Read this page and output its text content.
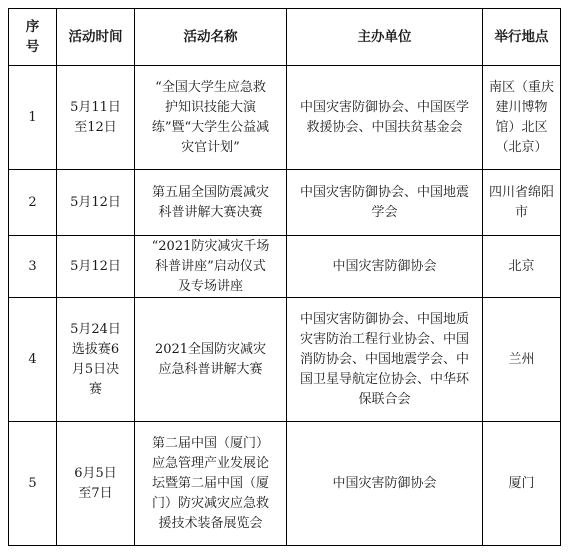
序号	活动时间	活动名称	主办单位	举行地点

1	5月11日至12日	“全国大学生应急救护知识技能大演练”暨“大学生公益减灾官计划”	中国灾害防御协会、中国医学救援协会、中国扶贫基金会	南区（重庆建川博物馆）北区（北京）

2	5月12日	第五届全国防震减灾科普讲解大赛决赛	中国灾害防御协会、中国地震学会	四川省绵阳市

3	5月12日	“2021防灾减灾千场科普讲座”启动仪式及专场讲座	中国灾害防御协会	北京

4	5月24日选拔赛6月5日决赛	2021全国防灾减灾应急科普讲解大赛	中国灾害防御协会、中国地质灾害防治工程行业协会、中国消防协会、中国地震学会、中国卫星导航定位协会、中华环保联合会	兰州

5	6月5日至7日	第二届中国（厦门）应急管理产业发展论坛暨第二届中国（厦门）防灾减灾应急救援技术装备展览会	中国灾害防御协会	厦门
